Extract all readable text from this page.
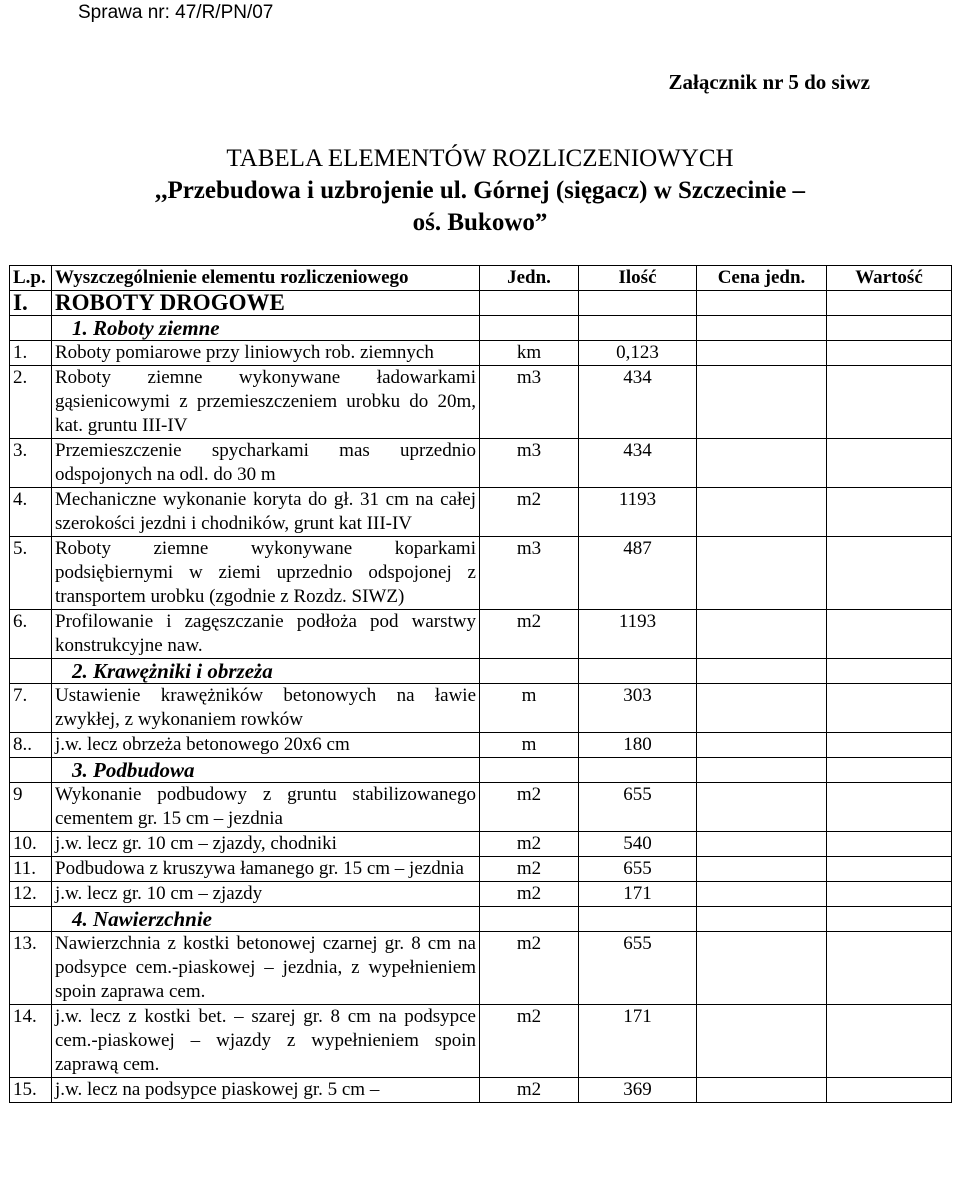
Sprawa nr: 47/R/PN/07
Załącznik nr 5 do siwz
TABELA ELEMENTÓW ROZLICZENIOWYCH
,,Przebudowa i uzbrojenie ul. Górnej (sięgacz) w Szczecinie –
oś. Bukowo”
L.p.	Wyszczególnienie elementu rozliczeniowego	Jedn.	Ilość	Cena jedn.	Wartość
I.	ROBOTY DROGOWE				
	1. Roboty ziemne				
1.	Roboty pomiarowe przy liniowych rob. ziemnych	km	0,123		
2.	Roboty ziemne wykonywane ładowarkami gąsienicowymi z przemieszczeniem urobku do 20m, kat. gruntu III-IV	m3	434		
3.	Przemieszczenie spycharkami mas uprzednio odspojonych na odl. do 30 m	m3	434		
4.	Mechaniczne wykonanie koryta do gł. 31 cm na całej szerokości jezdni i chodników, grunt kat III-IV	m2	1193		
5.	Roboty ziemne wykonywane koparkami podsiębiernymi w ziemi uprzednio odspojonej z transportem urobku (zgodnie z Rozdz. SIWZ)	m3	487		
6.	Profilowanie i zagęszczanie podłoża pod warstwy konstrukcyjne naw.	m2	1193		
	2. Krawężniki i obrzeża				
7.	Ustawienie krawężników betonowych na ławie zwykłej, z wykonaniem rowków	m	303		
8..	j.w. lecz obrzeża betonowego 20x6 cm	m	180		
	3. Podbudowa				
9	Wykonanie podbudowy z gruntu stabilizowanego cementem gr. 15 cm – jezdnia	m2	655		
10.	j.w. lecz gr. 10 cm – zjazdy, chodniki	m2	540		
11.	Podbudowa z kruszywa łamanego gr. 15 cm – jezdnia	m2	655		
12.	j.w. lecz gr. 10 cm – zjazdy	m2	171		
	4. Nawierzchnie				
13.	Nawierzchnia z kostki betonowej czarnej gr. 8 cm na podsypce cem.-piaskowej – jezdnia, z wypełnieniem spoin zaprawa cem.	m2	655		
14.	j.w. lecz z kostki bet. – szarej gr. 8 cm na podsypce cem.-piaskowej – wjazdy z wypełnieniem spoin zaprawą cem.	m2	171		
15.	j.w. lecz na podsypce piaskowej gr. 5 cm –	m2	369		
